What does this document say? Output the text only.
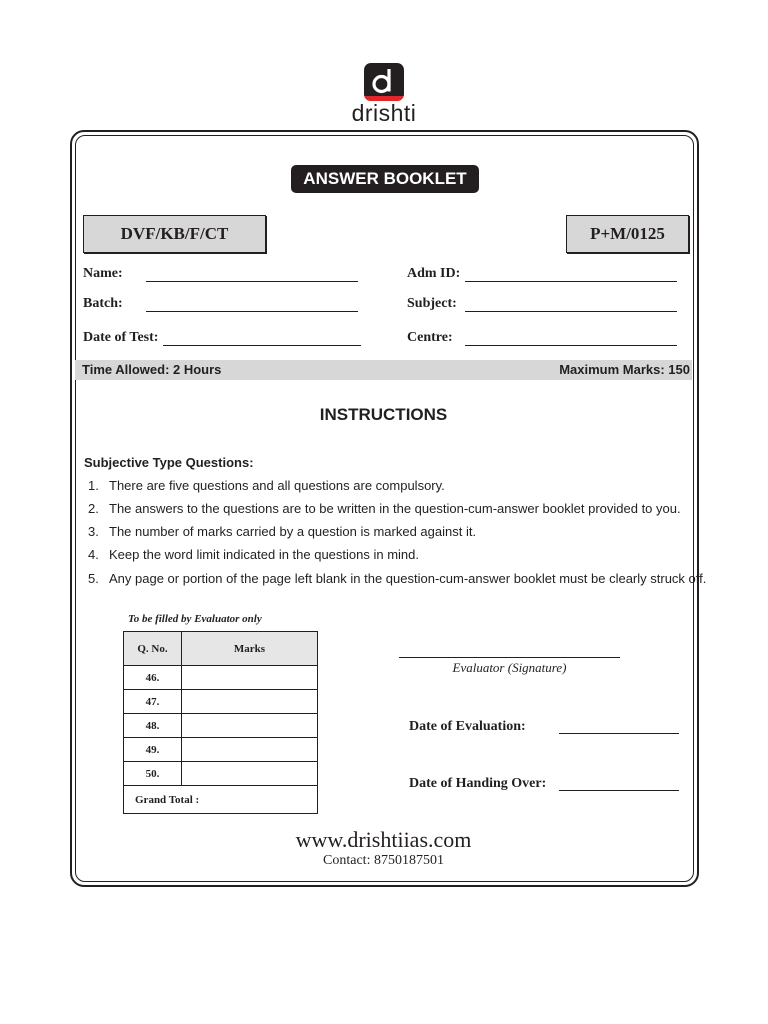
drishti
ANSWER BOOKLET
DVF/KB/F/CT	P+M/0125
Name:
Batch:
Date of Test:
Adm ID:
Subject:
Centre:
Time Allowed: 2 Hours	Maximum Marks: 150
INSTRUCTIONS
Subjective Type Questions:
1. There are five questions and all questions are compulsory.
2. The answers to the questions are to be written in the question-cum-answer booklet provided to you.
3. The number of marks carried by a question is marked against it.
4. Keep the word limit indicated in the questions in mind.
5. Any page or portion of the page left blank in the question-cum-answer booklet must be clearly struck off.
To be filled by Evaluator only
Q. No.	Marks
46.	
47.	
48.	
49.	
50.	
Grand Total :	
Evaluator (Signature)
Date of Evaluation:
Date of Handing Over:
www.drishtiias.com
Contact: 8750187501
